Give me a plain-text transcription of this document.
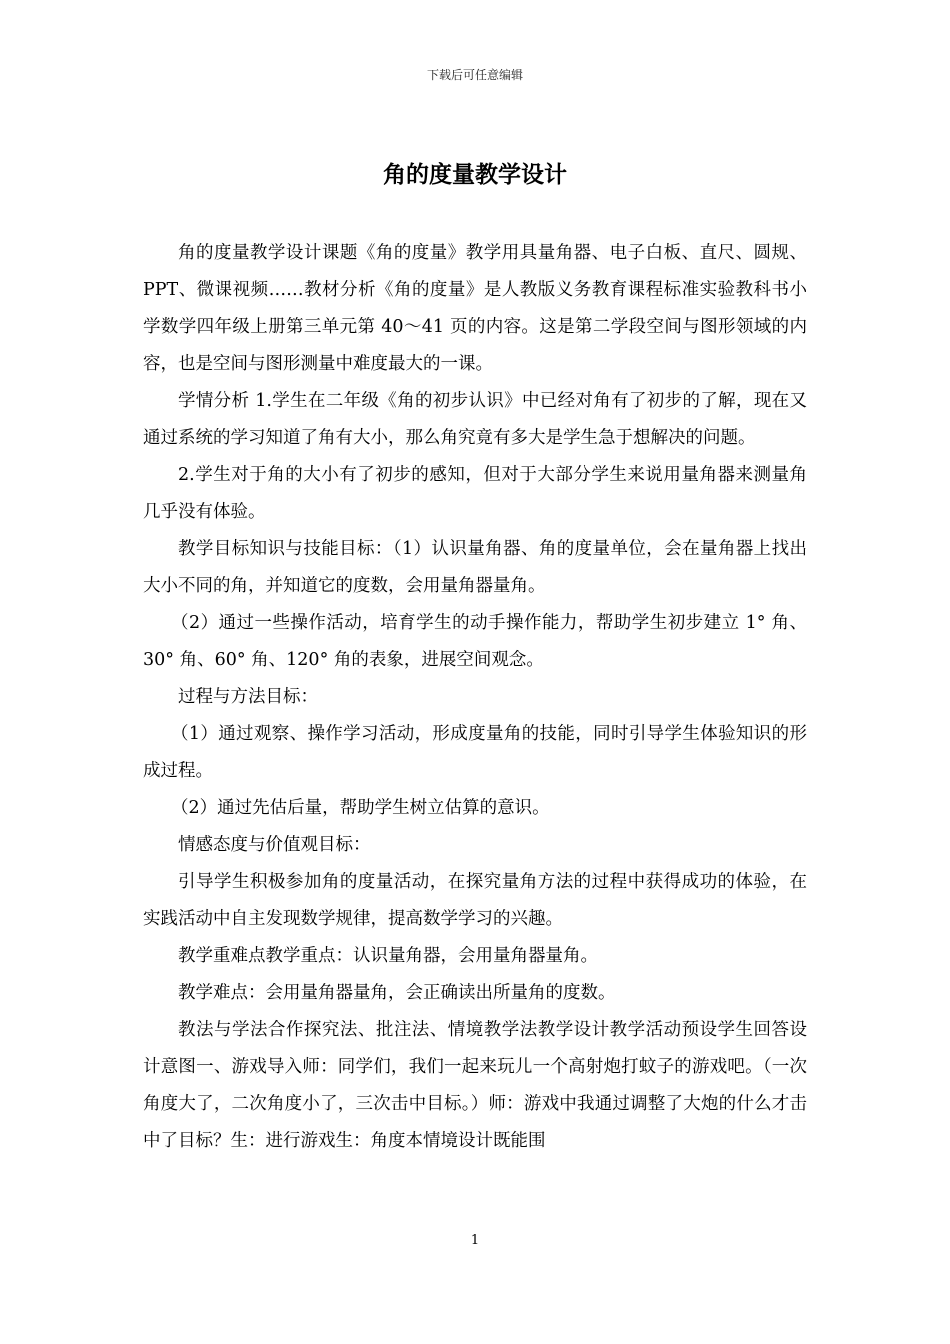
下载后可任意编辑
角的度量教学设计

角的度量教学设计课题《角的度量》教学用具量角器、电子白板、直尺、圆规、PPT、微课视频……教材分析《角的度量》是人教版义务教育课程标准实验教科书小学数学四年级上册第三单元第 40～41 页的内容。这是第二学段空间与图形领域的内容，也是空间与图形测量中难度最大的一课。

学情分析 1.学生在二年级《角的初步认识》中已经对角有了初步的了解，现在又通过系统的学习知道了角有大小，那么角究竟有多大是学生急于想解决的问题。

2.学生对于角的大小有了初步的感知，但对于大部分学生来说用量角器来测量角几乎没有体验。

教学目标知识与技能目标：（1）认识量角器、角的度量单位，会在量角器上找出大小不同的角，并知道它的度数，会用量角器量角。

（2）通过一些操作活动，培育学生的动手操作能力，帮助学生初步建立 1° 角、30° 角、60° 角、120° 角的表象，进展空间观念。

过程与方法目标：

（1）通过观察、操作学习活动，形成度量角的技能，同时引导学生体验知识的形成过程。

（2）通过先估后量，帮助学生树立估算的意识。

情感态度与价值观目标：

引导学生积极参加角的度量活动，在探究量角方法的过程中获得成功的体验，在实践活动中自主发现数学规律，提高数学学习的兴趣。

教学重难点教学重点：认识量角器，会用量角器量角。

教学难点：会用量角器量角，会正确读出所量角的度数。

教法与学法合作探究法、批注法、情境教学法教学设计教学活动预设学生回答设计意图一、游戏导入师：同学们，我们一起来玩儿一个高射炮打蚊子的游戏吧。（一次角度大了，二次角度小了，三次击中目标。）师：游戏中我通过调整了大炮的什么才击中了目标？生：进行游戏生：角度本情境设计既能围

1
